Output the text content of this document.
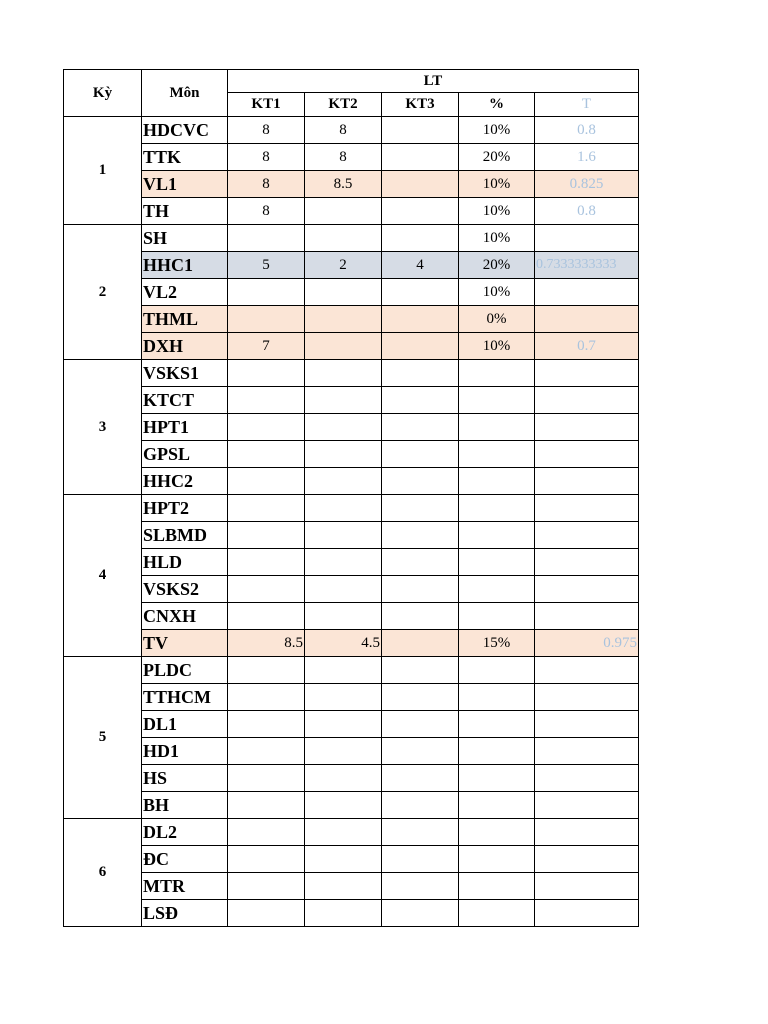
Kỳ	Môn	LT				
		KT1	KT2	KT3	%	T
1	HDCVC	8	8		10%	0.8
	TTK	8	8		20%	1.6
	VL1	8	8.5		10%	0.825
	TH	8			10%	0.8
2	SH				10%	
	HHC1	5	2	4	20%	0.7333333333
	VL2				10%	
	THML				0%	
	DXH	7			10%	0.7
3	VSKS1					
	KTCT					
	HPT1					
	GPSL					
	HHC2					
4	HPT2					
	SLBMD					
	HLD					
	VSKS2					
	CNXH					
	TV	8.5	4.5		15%	0.975
5	PLDC					
	TTHCM					
	DL1					
	HD1					
	HS					
	BH					
6	DL2					
	ĐC					
	MTR					
	LSĐ					
